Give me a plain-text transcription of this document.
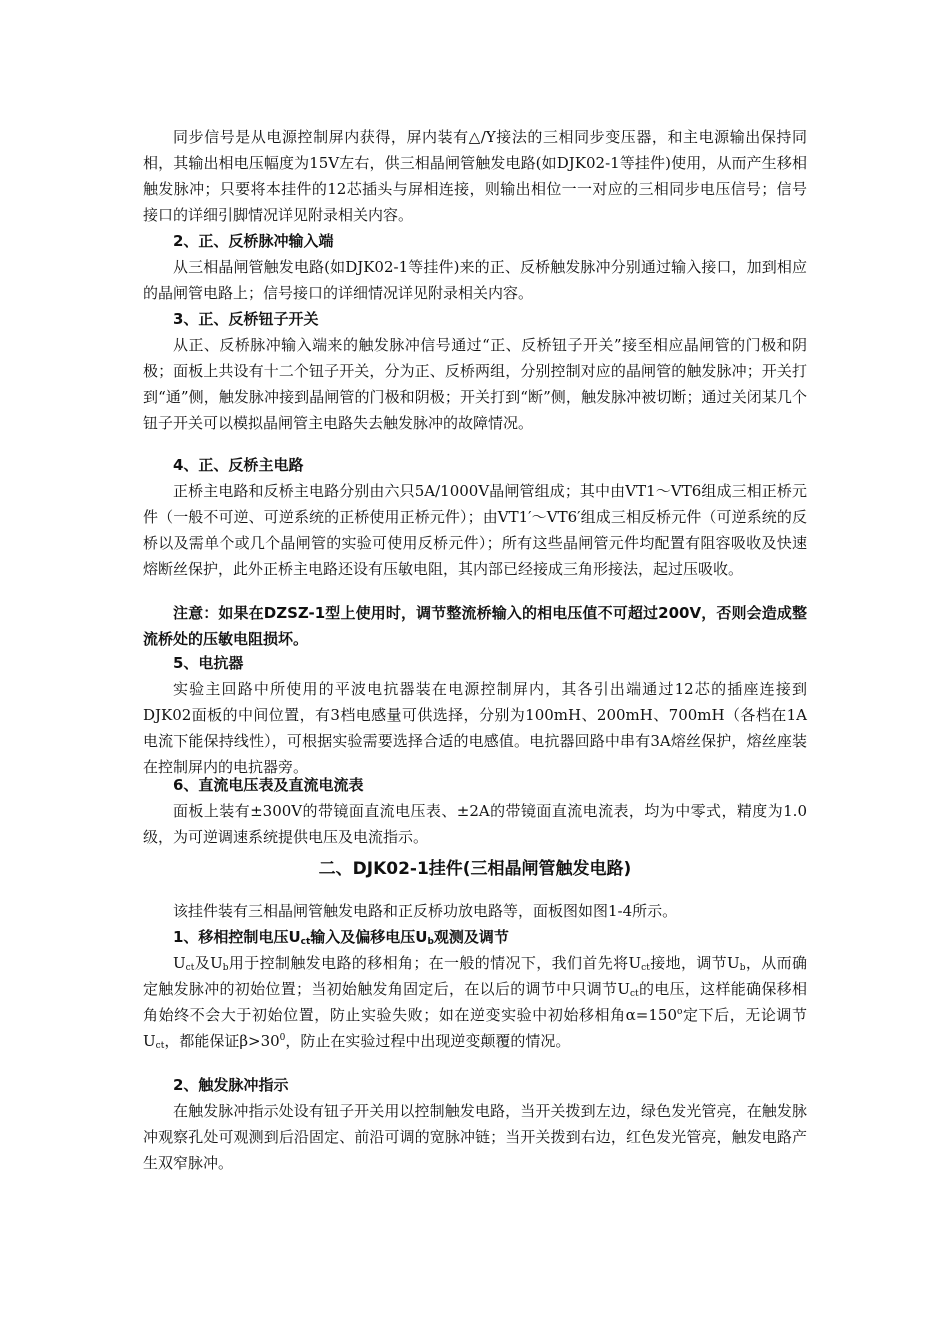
同步信号是从电源控制屏内获得，屏内装有△/Y接法的三相同步变压器，和主电源输出保持同相，其输出相电压幅度为15V左右，供三相晶闸管触发电路(如DJK02-1等挂件)使用，从而产生移相触发脉冲；只要将本挂件的12芯插头与屏相连接，则输出相位一一对应的三相同步电压信号；信号接口的详细引脚情况详见附录相关内容。

2、正、反桥脉冲输入端

从三相晶闸管触发电路(如DJK02-1等挂件)来的正、反桥触发脉冲分别通过输入接口，加到相应的晶闸管电路上；信号接口的详细情况详见附录相关内容。

3、正、反桥钮子开关

从正、反桥脉冲输入端来的触发脉冲信号通过“正、反桥钮子开关”接至相应晶闸管的门极和阴极；面板上共设有十二个钮子开关，分为正、反桥两组，分别控制对应的晶闸管的触发脉冲；开关打到“通”侧，触发脉冲接到晶闸管的门极和阴极；开关打到“断”侧，触发脉冲被切断；通过关闭某几个钮子开关可以模拟晶闸管主电路失去触发脉冲的故障情况。

4、正、反桥主电路

正桥主电路和反桥主电路分别由六只5A/1000V晶闸管组成；其中由VT1～VT6组成三相正桥元件（一般不可逆、可逆系统的正桥使用正桥元件）；由VT1′～VT6′组成三相反桥元件（可逆系统的反桥以及需单个或几个晶闸管的实验可使用反桥元件）；所有这些晶闸管元件均配置有阻容吸收及快速熔断丝保护，此外正桥主电路还设有压敏电阻，其内部已经接成三角形接法，起过压吸收。

注意：如果在DZSZ-1型上使用时，调节整流桥输入的相电压值不可超过200V，否则会造成整流桥处的压敏电阻损坏。

5、电抗器

实验主回路中所使用的平波电抗器装在电源控制屏内，其各引出端通过12芯的插座连接到DJK02面板的中间位置，有3档电感量可供选择，分别为100mH、200mH、700mH（各档在1A电流下能保持线性），可根据实验需要选择合适的电感值。电抗器回路中串有3A熔丝保护，熔丝座装在控制屏内的电抗器旁。

6、直流电压表及直流电流表

面板上装有±300V的带镜面直流电压表、±2A的带镜面直流电流表，均为中零式，精度为1.0级，为可逆调速系统提供电压及电流指示。

二、DJK02-1挂件(三相晶闸管触发电路)

该挂件装有三相晶闸管触发电路和正反桥功放电路等，面板图如图1-4所示。

1、移相控制电压$U_{ct}$输入及偏移电压$U_b$观测及调节

$U_{ct}$及$U_b$用于控制触发电路的移相角；在一般的情况下，我们首先将$U_{ct}$接地，调节$U_b$，从而确定触发脉冲的初始位置；当初始触发角固定后，在以后的调节中只调节$U_{ct}$的电压，这样能确保移相角始终不会大于初始位置，防止实验失败；如在逆变实验中初始移相角$\alpha=150^o$定下后，无论调节$U_{ct}$，都能保证$\beta>30^0$，防止在实验过程中出现逆变颠覆的情况。

2、触发脉冲指示

在触发脉冲指示处设有钮子开关用以控制触发电路，当开关拨到左边，绿色发光管亮，在触发脉冲观察孔处可观测到后沿固定、前沿可调的宽脉冲链；当开关拨到右边，红色发光管亮，触发电路产生双窄脉冲。
